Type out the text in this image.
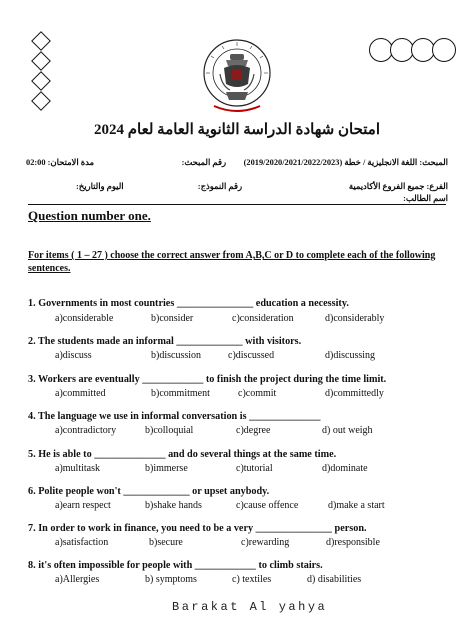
امتحان شهادة الدراسة الثانوية العامة لعام 2024
المبحث: اللغة الانجليزية / خطة (2019/2020/2021/2022/2023)
رقم المبحث:
مدة الامتحان: 02:00
الفرع: جميع الفروع الأكاديمية
رقم النموذج:
اليوم والتاريخ:
اسم الطالب:
Question number one.
For items ( 1 – 27 ) choose the correct answer from A,B,C or D to complete each of the following sentences.
1. Governments in most countries _______________ education a necessity.
a)considerable	b)consider	c)consideration	d)considerably
2. The students made an informal _____________ with visitors.
a)discuss	b)discussion	c)discussed	d)discussing
3. Workers are eventually ____________ to finish the project during the time limit.
a)committed	b)commitment	c)commit	d)committedly
4. The language we use in informal conversation is ______________
a)contradictory	b)colloquial	c)degree	d) out weigh
5. He is able to ______________ and do several things at the same time.
a)multitask	b)immerse	c)tutorial	d)dominate
6. Polite people won't _____________ or upset anybody.
a)earn respect	b)shake hands	c)cause offence	d)make a start
7. In order to work in finance, you need to be a very _______________ person.
a)satisfaction	b)secure	c)rewarding	d)responsible
8. it's often impossible for people with ____________ to climb stairs.
a)Allergies	b) symptoms	c) textiles	d) disabilities
Barakat Al yahya
